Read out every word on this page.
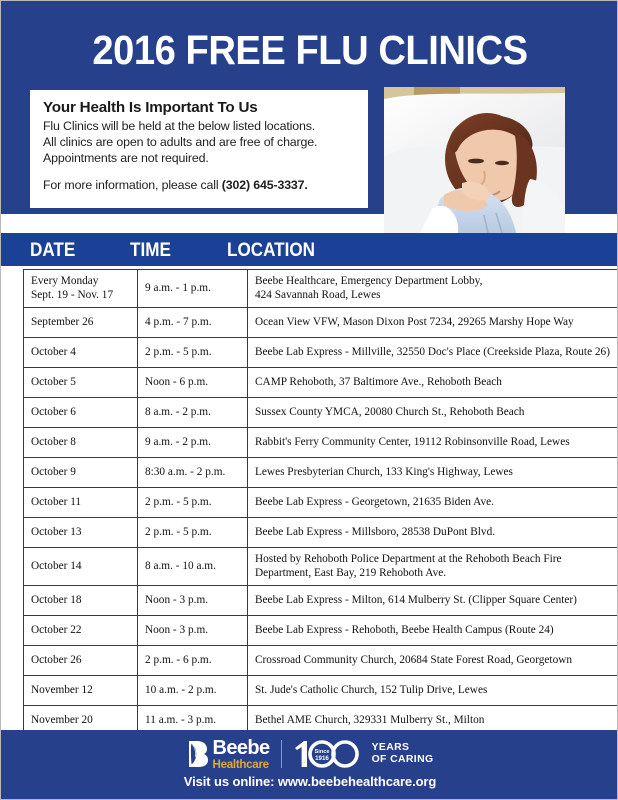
2016 FREE FLU CLINICS
Your Health Is Important To Us
Flu Clinics will be held at the below listed locations.
All clinics are open to adults and are free of charge.
Appointments are not required.
For more information, please call (302) 645-3337.
DATE	TIME	LOCATION
Every Monday
Sept. 19 - Nov. 17	9 a.m. - 1 p.m.	Beebe Healthcare, Emergency Department Lobby,
424 Savannah Road, Lewes

September 26	4 p.m. - 7 p.m.	Ocean View VFW, Mason Dixon Post 7234, 29265 Marshy Hope Way
October 4	2 p.m. - 5 p.m.	Beebe Lab Express - Millville, 32550 Doc's Place (Creekside Plaza, Route 26)
October 5	Noon - 6 p.m.	CAMP Rehoboth, 37 Baltimore Ave., Rehoboth Beach
October 6	8 a.m. - 2 p.m.	Sussex County YMCA, 20080 Church St., Rehoboth Beach
October 8	9 a.m. - 2 p.m.	Rabbit's Ferry Community Center, 19112 Robinsonville Road, Lewes
October 9	8:30 a.m. - 2 p.m.	Lewes Presbyterian Church, 133 King's Highway, Lewes
October 11	2 p.m. - 5 p.m.	Beebe Lab Express - Georgetown, 21635 Biden Ave.
October 13	2 p.m. - 5 p.m.	Beebe Lab Express - Millsboro, 28538 DuPont Blvd.
October 14	8 a.m. - 10 a.m.	Hosted by Rehoboth Police Department at the Rehoboth Beach Fire
Department, East Bay, 219 Rehoboth Ave.

October 18	Noon - 3 p.m.	Beebe Lab Express - Milton, 614 Mulberry St. (Clipper Square Center)
October 22	Noon - 3 p.m.	Beebe Lab Express - Rehoboth, Beebe Health Campus (Route 24)
October 26	2 p.m. - 6 p.m.	Crossroad Community Church, 20684 State Forest Road, Georgetown
November 12	10 a.m. - 2 p.m.	St. Jude's Catholic Church, 152 Tulip Drive, Lewes
November 20	11 a.m. - 3 p.m.	Bethel AME Church, 329331 Mulberry St., Milton
Beebe
Healthcare
Since
1916
YEARS
OF CARING
Visit us online: www.beebehealthcare.org
